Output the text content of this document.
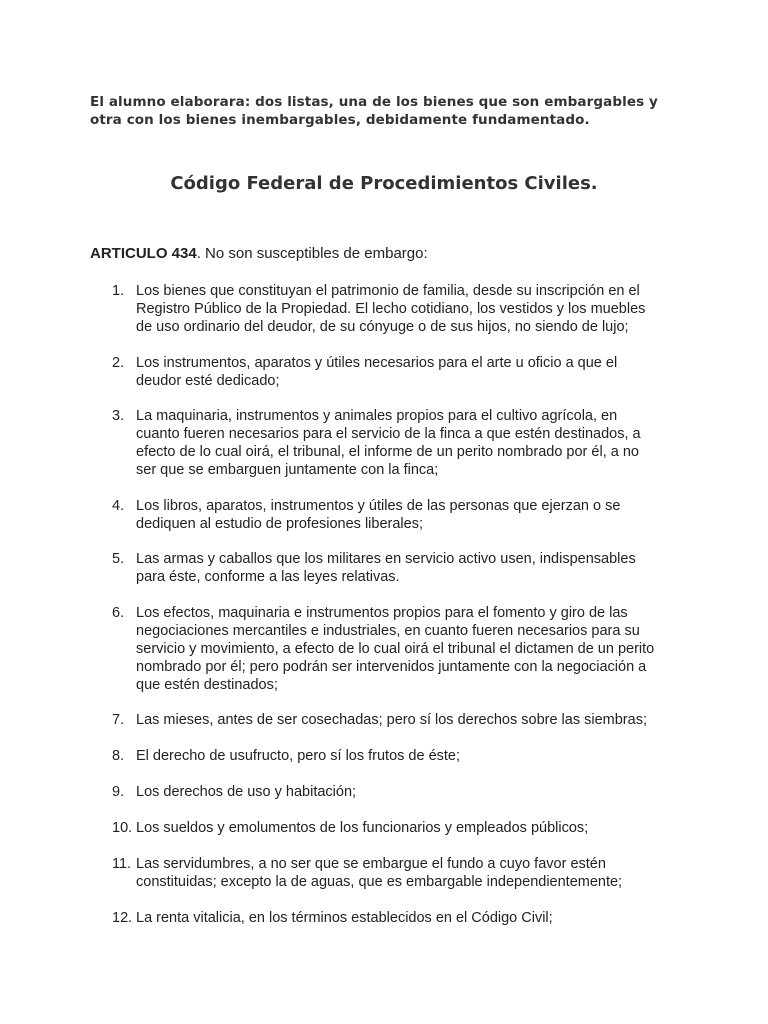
El alumno elaborara: dos listas, una de los bienes que son embargables y
otra con los bienes inembargables, debidamente fundamentado.
Código Federal de Procedimientos Civiles.
ARTICULO 434. No son susceptibles de embargo:
1. Los bienes que constituyan el patrimonio de familia, desde su inscripción en el
Registro Público de la Propiedad. El lecho cotidiano, los vestidos y los muebles
de uso ordinario del deudor, de su cónyuge o de sus hijos, no siendo de lujo;
2. Los instrumentos, aparatos y útiles necesarios para el arte u oficio a que el
deudor esté dedicado;
3. La maquinaria, instrumentos y animales propios para el cultivo agrícola, en
cuanto fueren necesarios para el servicio de la finca a que estén destinados, a
efecto de lo cual oirá, el tribunal, el informe de un perito nombrado por él, a no
ser que se embarguen juntamente con la finca;
4. Los libros, aparatos, instrumentos y útiles de las personas que ejerzan o se
dediquen al estudio de profesiones liberales;
5. Las armas y caballos que los militares en servicio activo usen, indispensables
para éste, conforme a las leyes relativas.
6. Los efectos, maquinaria e instrumentos propios para el fomento y giro de las
negociaciones mercantiles e industriales, en cuanto fueren necesarios para su
servicio y movimiento, a efecto de lo cual oirá el tribunal el dictamen de un perito
nombrado por él; pero podrán ser intervenidos juntamente con la negociación a
que estén destinados;
7. Las mieses, antes de ser cosechadas; pero sí los derechos sobre las siembras;
8. El derecho de usufructo, pero sí los frutos de éste;
9. Los derechos de uso y habitación;
10. Los sueldos y emolumentos de los funcionarios y empleados públicos;
11. Las servidumbres, a no ser que se embargue el fundo a cuyo favor estén
constituidas; excepto la de aguas, que es embargable independientemente;
12. La renta vitalicia, en los términos establecidos en el Código Civil;
